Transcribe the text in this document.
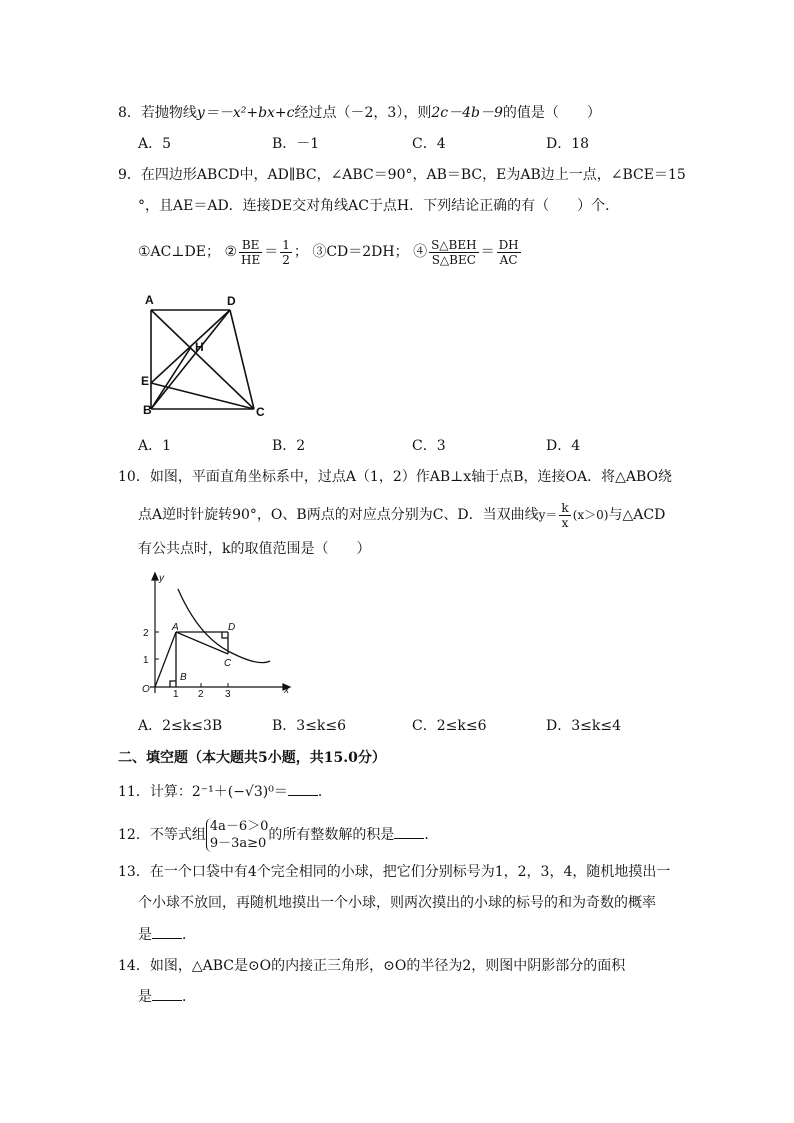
8．若抛物线y＝－x²+bx+c经过点（－2，3），则2c－4b－9的值是（　　）
A．5	B．－1	C．4	D．18
9．在四边形ABCD中，AD∥BC，∠ABC＝90°，AB＝BC，E为AB边上一点，∠BCE＝15
°，且AE＝AD．连接DE交对角线AC于点H．下列结论正确的有（　　）个．
①AC⊥DE； ② $\frac{BE}{HE} = \frac{1}{2}$ ； ③CD＝2DH； ④ $\frac{\text{S△BEH}}{\text{S△BEC}} = \frac{DH}{AC}$
A	D
H
E
B	C
A．1	B．2	C．3	D．4
10．如图，平面直角坐标系中，过点A（1，2）作AB⊥x轴于点B，连接OA．将△ABO绕
点A逆时针旋转90°，O、B两点的对应点分别为C、D．当双曲线$y= \frac{k}{x} (x>0)$与△ACD
有公共点时，k的取值范围是（　　）
y
2
1
O 1 2 3	x
A	D
B
C
A．2≤k≤3B	B．3≤k≤6	C．2≤k≤6	D．3≤k≤4
二、填空题（本大题共5小题，共15.0分）
11．计算：2⁻¹＋(−√3)⁰＝ ．
12．不等式组
4a－6＞0
9－3a≥0
的所有整数解的积是 ．
13．在一个口袋中有4个完全相同的小球，把它们分别标号为1，2，3，4，随机地摸出一
个小球不放回，再随机地摸出一个小球，则两次摸出的小球的标号的和为奇数的概率
是 ．
14．如图，△ABC是⊙O的内接正三角形，⊙O的半径为2，则图中阴影部分的面积
是 ．
